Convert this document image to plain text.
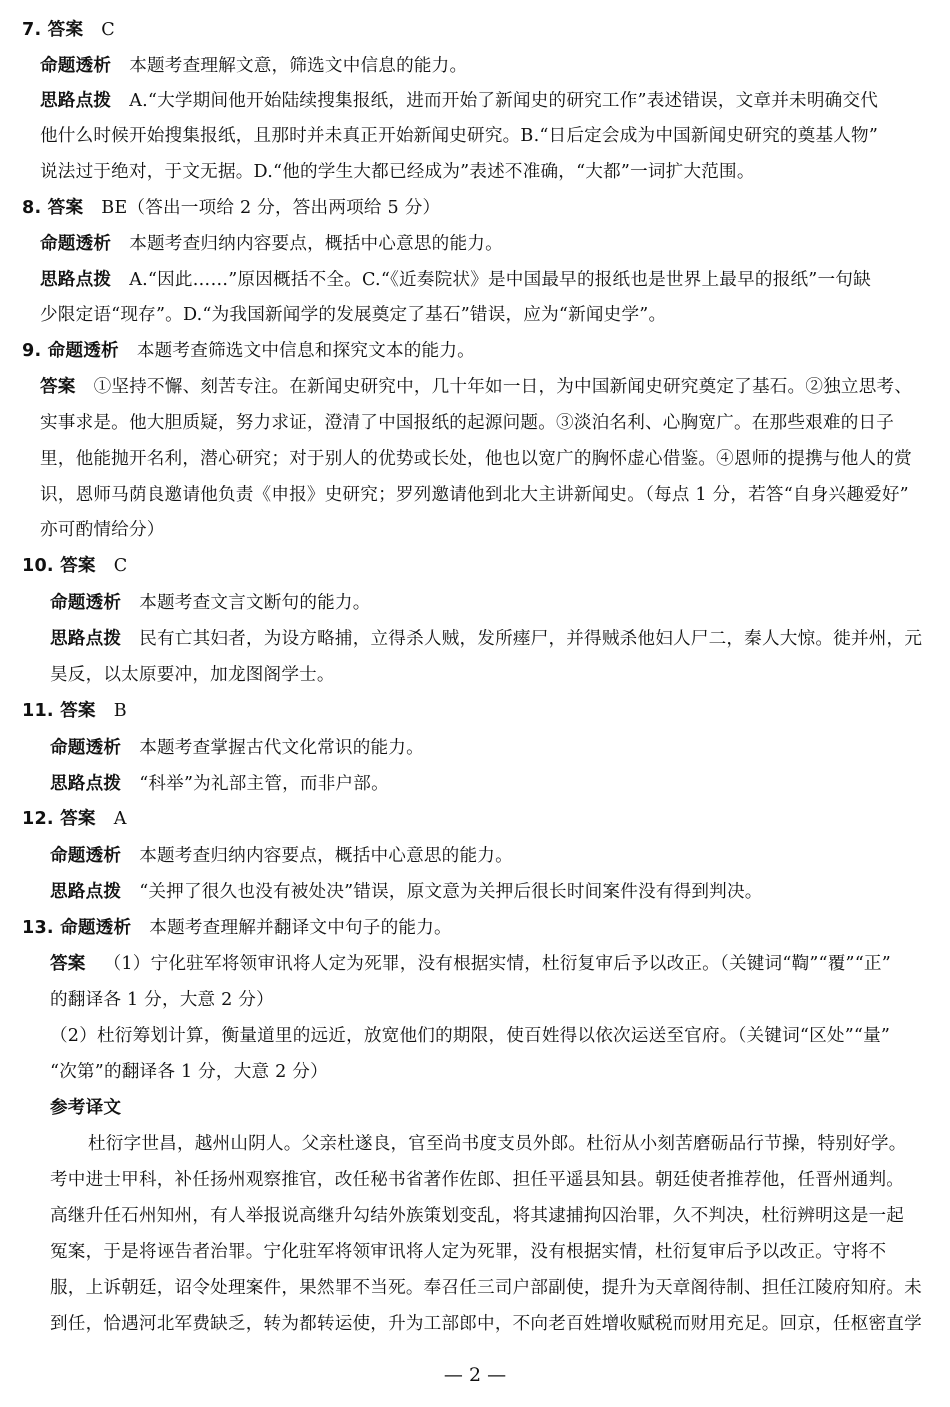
7. 答案 C
命题透析 本题考查理解文意，筛选文中信息的能力。
思路点拨 A.“大学期间他开始陆续搜集报纸，进而开始了新闻史的研究工作”表述错误，文章并未明确交代
他什么时候开始搜集报纸，且那时并未真正开始新闻史研究。B.“日后定会成为中国新闻史研究的奠基人物”
说法过于绝对，于文无据。D.“他的学生大都已经成为”表述不准确，“大都”一词扩大范围。
8. 答案 BE（答出一项给 2 分，答出两项给 5 分）
命题透析 本题考查归纳内容要点，概括中心意思的能力。
思路点拨 A.“因此……”原因概括不全。C.“《近奏院状》是中国最早的报纸也是世界上最早的报纸”一句缺
少限定语“现存”。D.“为我国新闻学的发展奠定了基石”错误，应为“新闻史学”。
9. 命题透析 本题考查筛选文中信息和探究文本的能力。
答案 ①坚持不懈、刻苦专注。在新闻史研究中，几十年如一日，为中国新闻史研究奠定了基石。②独立思考、
实事求是。他大胆质疑，努力求证，澄清了中国报纸的起源问题。③淡泊名利、心胸宽广。在那些艰难的日子
里，他能抛开名利，潜心研究；对于别人的优势或长处，他也以宽广的胸怀虚心借鉴。④恩师的提携与他人的赏
识，恩师马荫良邀请他负责《申报》史研究；罗列邀请他到北大主讲新闻史。（每点 1 分，若答“自身兴趣爱好”
亦可酌情给分）
10. 答案 C
命题透析 本题考查文言文断句的能力。
思路点拨 民有亡其妇者，为设方略捕，立得杀人贼，发所瘗尸，并得贼杀他妇人尸二，秦人大惊。徙并州，元
昊反，以太原要冲，加龙图阁学士。
11. 答案 B
命题透析 本题考查掌握古代文化常识的能力。
思路点拨 “科举”为礼部主管，而非户部。
12. 答案 A
命题透析 本题考查归纳内容要点，概括中心意思的能力。
思路点拨 “关押了很久也没有被处决”错误，原文意为关押后很长时间案件没有得到判决。
13. 命题透析 本题考查理解并翻译文中句子的能力。
答案 （1）宁化驻军将领审讯将人定为死罪，没有根据实情，杜衍复审后予以改正。（关键词“鞫”“覆”“正”
的翻译各 1 分，大意 2 分）
（2）杜衍筹划计算，衡量道里的远近，放宽他们的期限，使百姓得以依次运送至官府。（关键词“区处”“量”
“次第”的翻译各 1 分，大意 2 分）
参考译文
杜衍字世昌，越州山阴人。父亲杜遂良，官至尚书度支员外郎。杜衍从小刻苦磨砺品行节操，特别好学。
考中进士甲科，补任扬州观察推官，改任秘书省著作佐郎、担任平遥县知县。朝廷使者推荐他，任晋州通判。
高继升任石州知州，有人举报说高继升勾结外族策划变乱，将其逮捕拘囚治罪，久不判决，杜衍辨明这是一起
冤案，于是将诬告者治罪。宁化驻军将领审讯将人定为死罪，没有根据实情，杜衍复审后予以改正。守将不
服，上诉朝廷，诏令处理案件，果然罪不当死。奉召任三司户部副使，提升为天章阁待制、担任江陵府知府。未
到任，恰遇河北军费缺乏，转为都转运使，升为工部郎中，不向老百姓增收赋税而财用充足。回京，任枢密直学
— 2 —
